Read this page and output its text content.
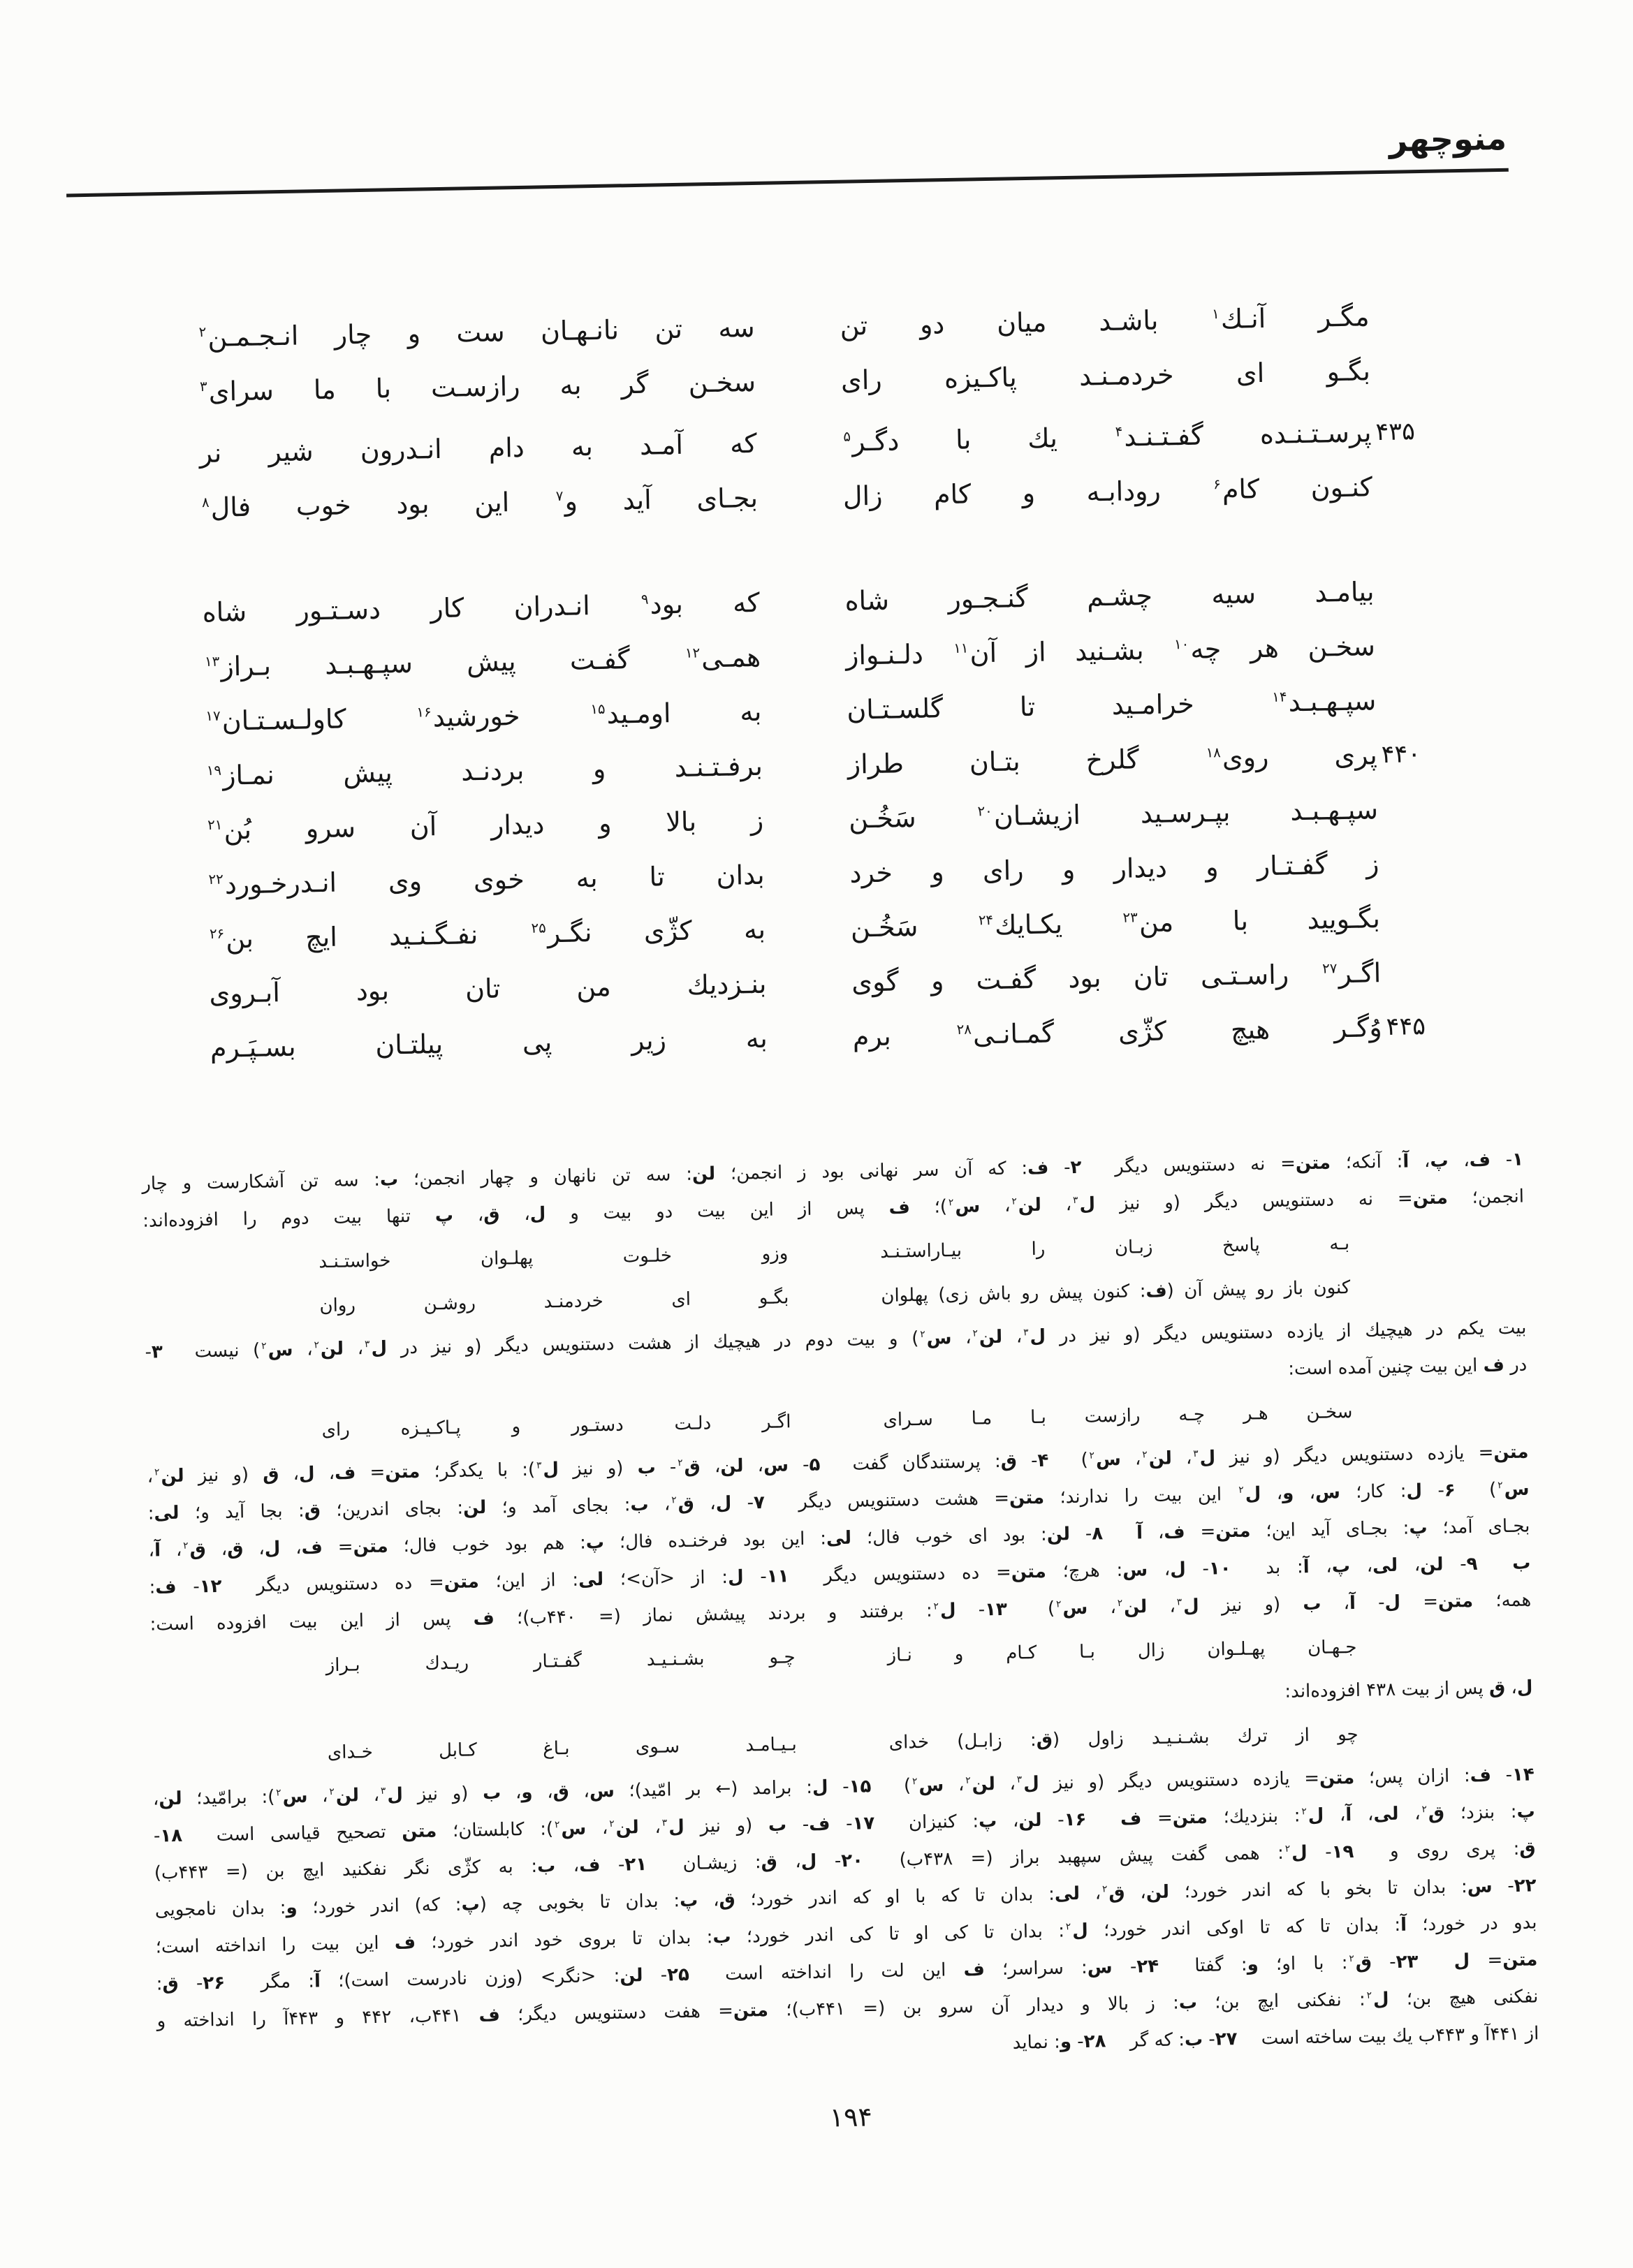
منوچهر
مگـر آنـك$^۱$ باشـد میان دو تن
سه تن نانـهـان ست و چار انـجـمـن$^۲$
بگـو ای خردمـنـد پاكـیزه رای
سخـن گر به رازسـت با ما سرای$^۳$
۴۳۵
پرسـتـنـده گفـتـنـد$^۴$ یك با دگـر$^۵$
كه آمـد به دام انـدرون شیر نر
كنـون كام$^۶$ رودابـه و كام زال
بجـای آید و$^۷$ این بود خوب فال$^۸$
بیامـد سیه چشـم گنـجـور شاه
كه بود$^۹$ انـدران كار دسـتـور شاه
سخـن هر چه$^{۱۰}$ بشـنید از آن$^{۱۱}$ دلـنـواز
همـی$^{۱۲}$ گفـت پیش سپـهـبـد بـراز$^{۱۳}$
سپـهـبـد$^{۱۴}$ خرامـید تا گلسـتـان
به اومـید$^{۱۵}$ خورشید$^{۱۶}$ كاولـسـتـان$^{۱۷}$
۴۴۰
پری روی$^{۱۸}$ گلرخ بتـان طراز
برفـتـنـد و بردنـد پیش نمـاز$^{۱۹}$
سپـهـبـد بپـرسـید ازیشـان$^{۲۰}$ سَخُـن
ز بالا و دیدار آن سرو بُن$^{۲۱}$
ز گفـتـار و دیدار و رای و خرد
بدان تا به خوی وی انـدرخـورد$^{۲۲}$
بگـویید با من$^{۲۳}$ یكـایك$^{۲۴}$ سَخُـن
به كژّی نگـر$^{۲۵}$ نفـگـنـید ایچ بن$^{۲۶}$
اگـر$^{۲۷}$ راسـتـی تان بود گفـت و گوی
بنـزدیك من تان بود آبـروی
۴۴۵
وُگـر هیچ كژّی گمـانـی$^{۲۸}$ برم
به زیر پی پیلتـان بسـپَـرم
۱- ف، پ، آ: آنكه؛ متن= نه دستنویس دیگر  ۲- ف: كه آن سر نهانی بود ز انجمن؛ لن: سه تن نانهان و چهار انجمن؛ ب: سه تن آشكارست و چار
انجمن؛ متن= نه دستنویس دیگر (و نیز ل$^۳$، لن$^۲$، س$^۲$)؛ ف پس از این بیت دو بیت و ل، ق، پ تنها بیت دوم را افزوده‌اند:
بـه پاسخ زبـان را بیـاراستـنـد
وزو خلـوت پهلـوان خواستـنـد
كنون باز رو پیش آن (ف: كنون پیش رو باش زی) پهلوان
بگـو ای خردمنـد روشـن روان
بیت یكم در هیچیك از یازده دستنویس دیگر (و نیز در ل$^۳$، لن$^۲$، س$^۲$) و بیت دوم در هیچیك از هشت دستنویس دیگر (و نیز در ل$^۳$، لن$^۲$، س$^۲$) نیست  ۳-
در ف این بیت چنین آمده است:
سخـن هـر چـه رازست بـا مـا سـرای
اگـر دلـت دستـور و پـاكـیـزه رای
متن= یازده دستنویس دیگر (و نیز ل$^۳$، لن$^۲$، س$^۲$)  ۴- ق: پرستندگان گفت  ۵- س، لن، ق$^۲$- ب (و نیز ل$^۳$): با یكدگر؛ متن= ف، ل، ق (و نیز لن$^۲$،
س$^۲$)  ۶- ل: كار؛ س، و، ل$^۲$ این بیت را ندارند؛ متن= هشت دستنویس دیگر  ۷- ل، ق$^۲$، ب: بجای آمد و؛ لن: بجای اندرین؛ ق: بجا آید و؛ لی:
بجـای آمد؛ پ: بجـای آید این؛ متن= ف، آ  ۸- لن: بود ای خوب فال؛ لی: این بود فرخنـده فال؛ پ: هم بود خوب فال؛ متن= ف، ل، ق، ق$^۲$، آ،
ب  ۹- لن، لی، پ، آ: بد  ۱۰- ل، س: هرچ؛ متن= ده دستنویس دیگر  ۱۱- ل: از <آن>؛ لی: از این؛ متن= ده دستنویس دیگر  ۱۲- ف:
همه؛ متن= ل- آ، ب (و نیز ل$^۳$، لن$^۲$، س$^۲$)  ۱۳- ل$^۲$: برفتند و بردند پیشش نماز (= ۴۴۰ب)؛ ف پس از این بیت افزوده است:
جـهـان پهـلـوان زال بـا كـام و نـاز
چـو بشـنـیـد گفـتـار ریـدك بـراز
ل، ق پس از بیت ۴۳۸ افزوده‌اند:
چو از ترك بشـنـیـد زاول (ق: زابـل) خدای
بـیـامـد سـوی بـاغ كـابل خـدای
۱۴- ف: ازان پس؛ متن= یازده دستنویس دیگر (و نیز ل$^۳$، لن$^۲$، س$^۲$)  ۱۵- ل: برامد (← بر امّید)؛ س، ق، و، ب (و نیز ل$^۳$، لن$^۲$، س$^۲$): برامّید؛ لن،
پ: بنزد؛ ق$^۲$، لی، آ، ل$^۲$: بنزدیك؛ متن= ف  ۱۶- لن، پ: كنیزان  ۱۷- ف- ب (و نیز ل$^۳$، لن$^۲$، س$^۲$): كابلستان؛ متن تصحیح قیاسی است  ۱۸-
ق: پری روی و  ۱۹- ل$^۲$: همی گفت پیش سپهبد براز (= ۴۳۸ب)  ۲۰- ل، ق: زیشـان  ۲۱- ف، ب: به كژّی نگر نفكنید ایچ بن (= ۴۴۳ب)
۲۲- س: بدان تا بخو با كه اندر خورد؛ لن، ق$^۲$، لی: بدان تا كه با او كه اندر خورد؛ ق، پ: بدان تا بخوبی چه (پ: كه) اندر خورد؛ و: بدان نامجویی
بدو در خورد؛ آ: بدان تا كه تا اوكی اندر خورد؛ ل$^۲$: بدان تا كی او تا كی اندر خورد؛ ب: بدان تا بروی خود اندر خورد؛ ف این بیت را انداخته است؛
متن= ل  ۲۳- ق$^۲$: با او؛ و: گفتا  ۲۴- س: سراسر؛ ف این لت را انداخته است  ۲۵- لن: <نگر> (وزن نادرست است)؛ آ: مگر  ۲۶- ق:
نفكنی هیچ بن؛ ل$^۲$: نفكنی ایچ بن؛ ب: ز بالا و دیدار آن سرو بن (= ۴۴۱ب)؛ متن= هفت دستنویس دیگر؛ ف ۴۴۱ب، ۴۴۲ و ۴۴۳آ را انداخته و
از ۴۴۱آ و ۴۴۳ب یك بیت ساخته است  ۲۷- ب: كه گر  ۲۸- و: نماید
۱۹۴
